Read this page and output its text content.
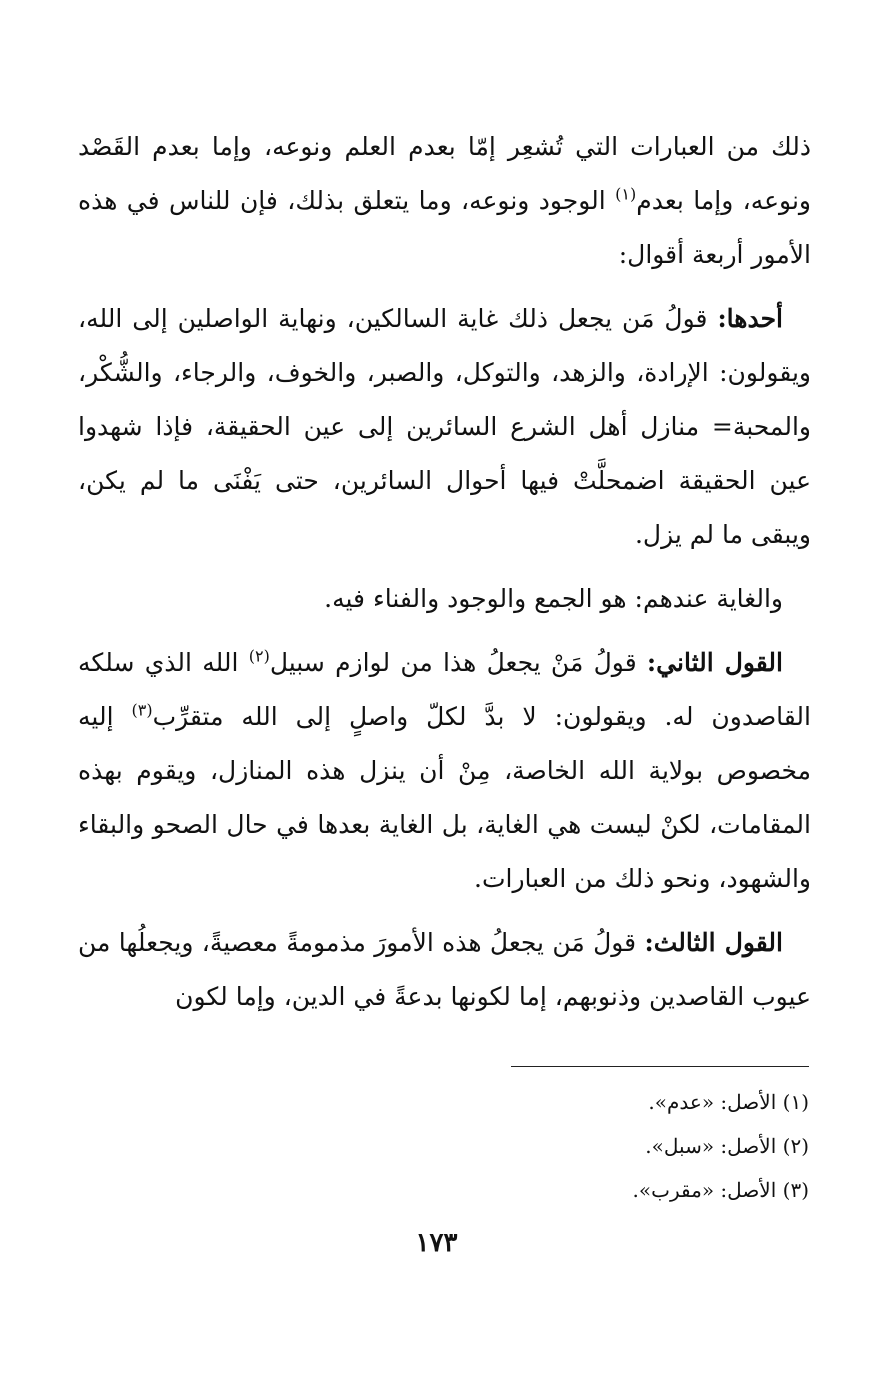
ذلك من العبارات التي تُشعِر إمّا بعدم العلم ونوعه، وإما بعدم القَصْد ونوعه، وإما بعدم$^{(١)}$ الوجود ونوعه، وما يتعلق بذلك، فإن للناس في هذه الأمور أربعة أقوال:

أحدها: قولُ مَن يجعل ذلك غاية السالكين، ونهاية الواصلين إلى الله، ويقولون: الإرادة، والزهد، والتوكل، والصبر، والخوف، والرجاء، والشُّكْر، والمحبة= منازل أهل الشرع السائرين إلى عين الحقيقة، فإذا شهدوا عين الحقيقة اضمحلَّتْ فيها أحوال السائرين، حتى يَفْنَى ما لم يكن، ويبقى ما لم يزل.

والغاية عندهم: هو الجمع والوجود والفناء فيه.

القول الثاني: قولُ مَنْ يجعلُ هذا من لوازم سبيل$^{(٢)}$ الله الذي سلكه القاصدون له. ويقولون: لا بدَّ لكلّ واصلٍ إلى الله متقرِّب$^{(٣)}$ إليه مخصوص بولاية الله الخاصة، مِنْ أن ينزل هذه المنازل، ويقوم بهذه المقامات، لكنْ ليست هي الغاية، بل الغاية بعدها في حال الصحو والبقاء والشهود، ونحو ذلك من العبارات.

القول الثالث: قولُ مَن يجعلُ هذه الأمورَ مذمومةً معصيةً، ويجعلُها من عيوب القاصدين وذنوبهم، إما لكونها بدعةً في الدين، وإما لكون

(١) الأصل: «عدم».
(٢) الأصل: «سبل».
(٣) الأصل: «مقرب».
١٧٣
